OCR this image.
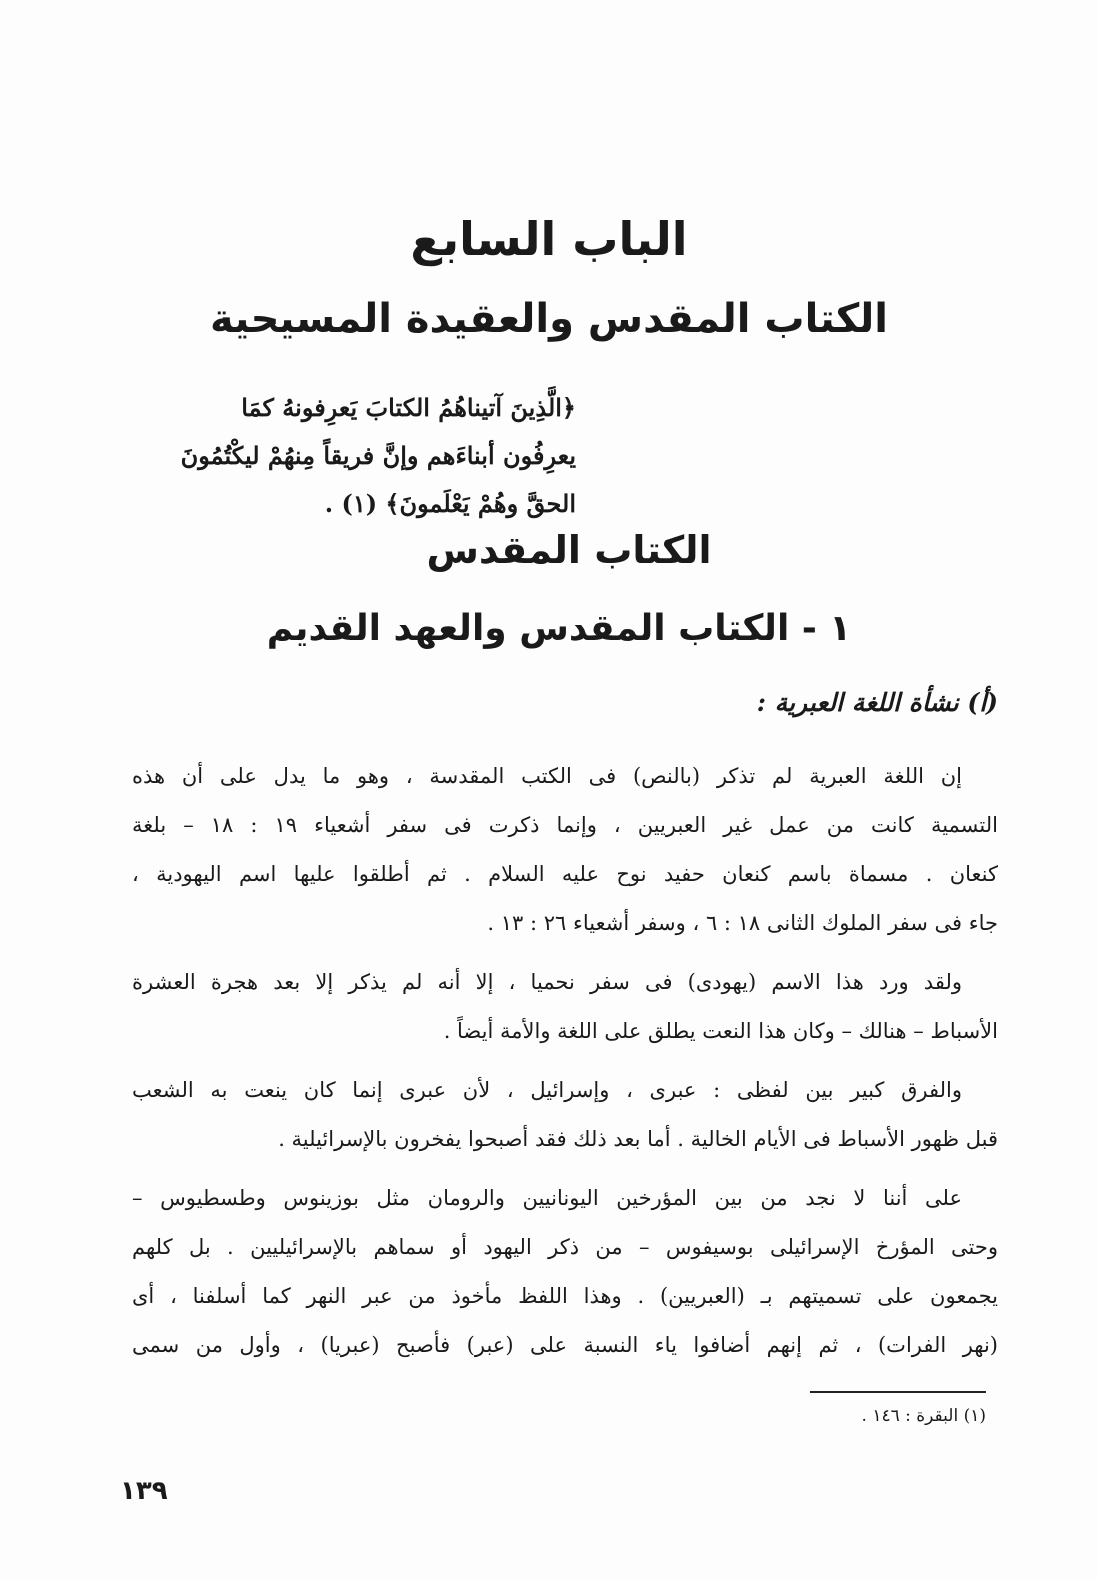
الباب السابع
الكتاب المقدس والعقيدة المسيحية
﴿الَّذِينَ آتيناهُمُ الكتابَ يَعرِفونهُ كمَا
يعرِفُون أبناءَهم وإنَّ فريقاً مِنهُمْ ليكْتُمُونَ
الحقَّ وهُمْ يَعْلَمونَ﴾ (١) .
الكتاب المقدس
١ - الكتاب المقدس والعهد القديم
(أ) نشأة اللغة العبرية :

إن اللغة العبرية لم تذكر (بالنص) فى الكتب المقدسة ، وهو ما يدل على أن هذه
التسمية كانت من عمل غير العبريين ، وإنما ذكرت فى سفر أشعياء ١٩ : ١٨ – بلغة
كنعان . مسماة باسم كنعان حفيد نوح عليه السلام . ثم أطلقوا عليها اسم اليهودية ،
جاء فى سفر الملوك الثانى ١٨ : ٦ ، وسفر أشعياء ٢٦ : ١٣ .

ولقد ورد هذا الاسم (يهودى) فى سفر نحميا ، إلا أنه لم يذكر إلا بعد هجرة العشرة
الأسباط – هنالك – وكان هذا النعت يطلق على اللغة والأمة أيضاً .

والفرق كبير بين لفظى : عبرى ، وإسرائيل ، لأن عبرى إنما كان ينعت به الشعب
قبل ظهور الأسباط فى الأيام الخالية . أما بعد ذلك فقد أصبحوا يفخرون بالإسرائيلية .

على أننا لا نجد من بين المؤرخين اليونانيين والرومان مثل بوزينوس وطسطيوس –
وحتى المؤرخ الإسرائيلى بوسيفوس – من ذكر اليهود أو سماهم بالإسرائيليين . بل كلهم
يجمعون على تسميتهم بـ (العبريين) . وهذا اللفظ مأخوذ من عبر النهر كما أسلفنا ، أى
(نهر الفرات) ، ثم إنهم أضافوا ياء النسبة على (عبر) فأصبح (عبريا) ، وأول من سمى

(١) البقرة : ١٤٦ .
١٣٩
